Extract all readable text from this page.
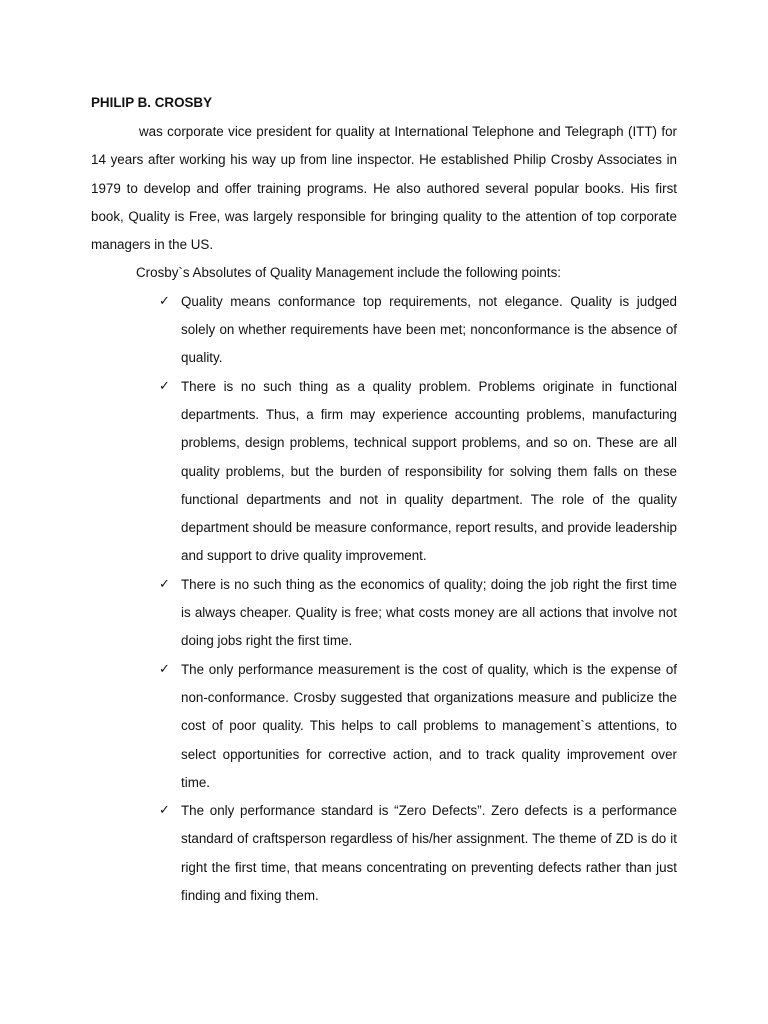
PHILIP B. CROSBY

was corporate vice president for quality at International Telephone and Telegraph (ITT) for 14 years after working his way up from line inspector. He established Philip Crosby Associates in 1979 to develop and offer training programs. He also authored several popular books. His first book, Quality is Free, was largely responsible for bringing quality to the attention of top corporate managers in the US.

Crosby`s Absolutes of Quality Management include the following points:

✓ Quality means conformance top requirements, not elegance. Quality is judged solely on whether requirements have been met; nonconformance is the absence of quality.
✓ There is no such thing as a quality problem. Problems originate in functional departments. Thus, a firm may experience accounting problems, manufacturing problems, design problems, technical support problems, and so on. These are all quality problems, but the burden of responsibility for solving them falls on these functional departments and not in quality department. The role of the quality department should be measure conformance, report results, and provide leadership and support to drive quality improvement.
✓ There is no such thing as the economics of quality; doing the job right the first time is always cheaper. Quality is free; what costs money are all actions that involve not doing jobs right the first time.
✓ The only performance measurement is the cost of quality, which is the expense of non-conformance. Crosby suggested that organizations measure and publicize the cost of poor quality. This helps to call problems to management`s attentions, to select opportunities for corrective action, and to track quality improvement over time.
✓ The only performance standard is “Zero Defects”. Zero defects is a performance standard of craftsperson regardless of his/her assignment. The theme of ZD is do it right the first time, that means concentrating on preventing defects rather than just finding and fixing them.
